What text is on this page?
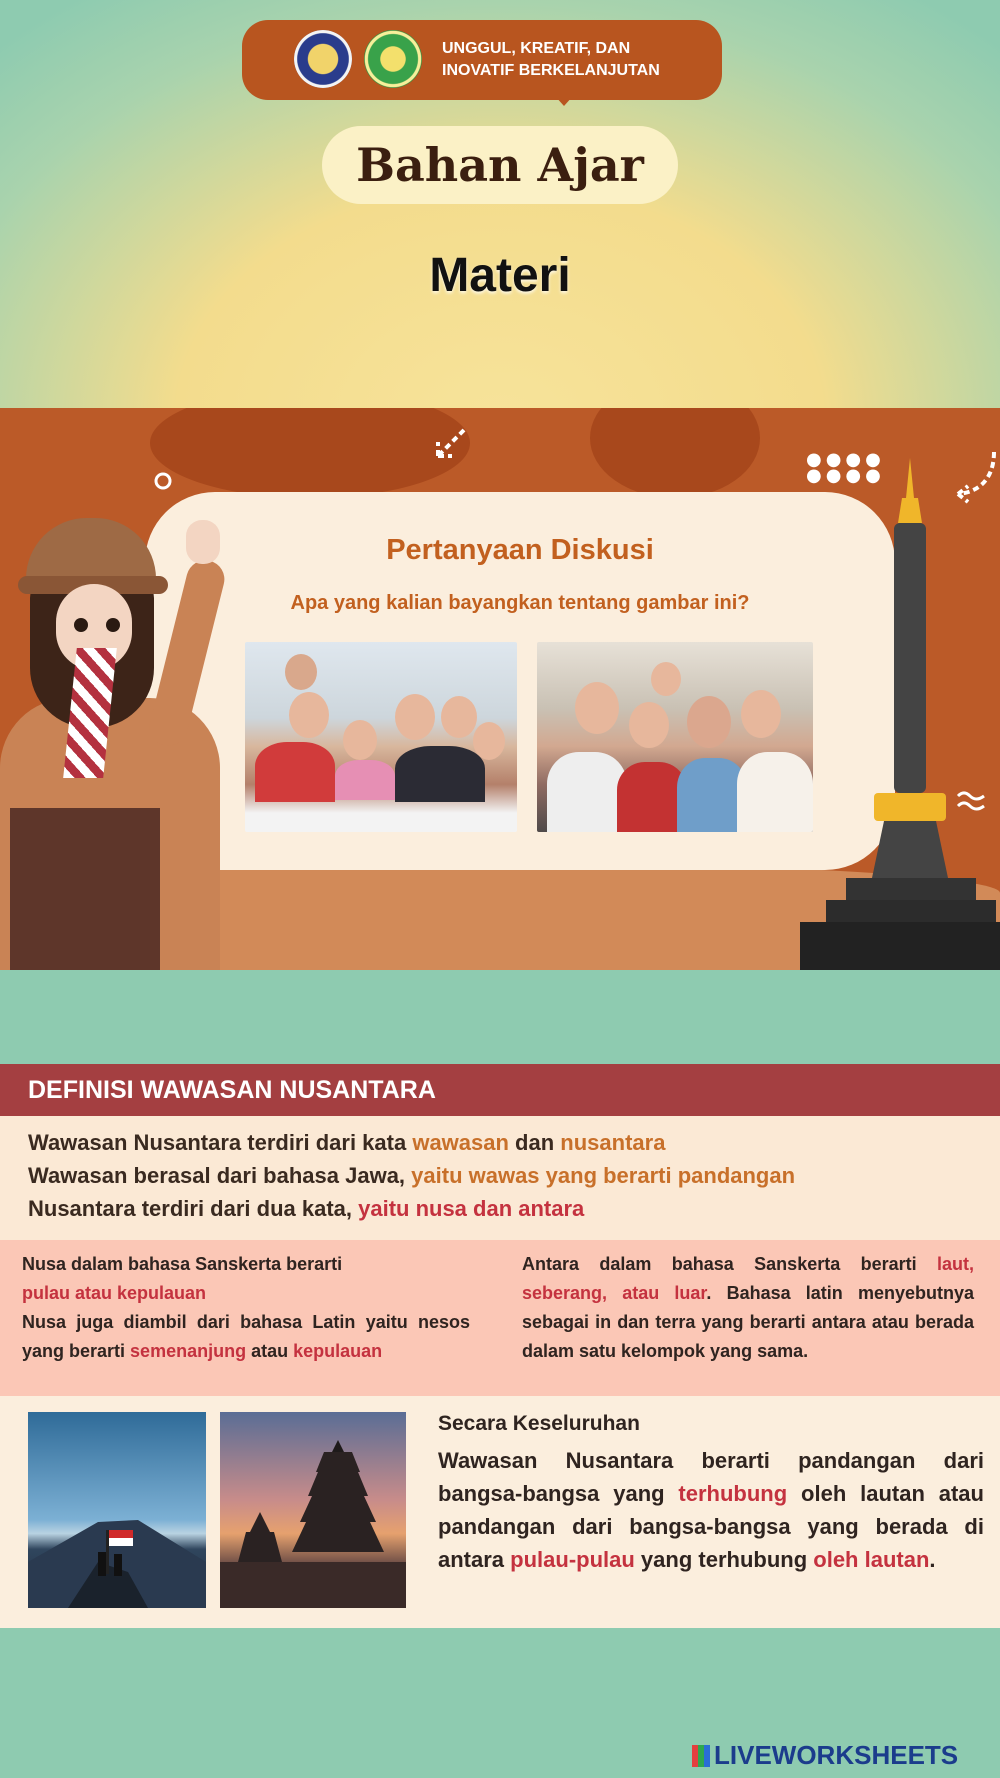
UNGGUL, KREATIF, DAN
INOVATIF BERKELANJUTAN
Bahan Ajar
Materi
●●●●
●●●●
Pertanyaan Diskusi
Apa yang kalian bayangkan tentang gambar ini?
DEFINISI WAWASAN NUSANTARA
Wawasan Nusantara terdiri dari kata wawasan dan nusantara
Wawasan berasal dari bahasa Jawa, yaitu wawas yang berarti pandangan
Nusantara terdiri dari dua kata, yaitu nusa dan antara
Nusa dalam bahasa Sanskerta berarti
pulau atau kepulauan
Nusa juga diambil dari bahasa Latin yaitu nesos yang berarti semenanjung atau kepulauan
Antara dalam bahasa Sanskerta berarti laut, seberang, atau luar. Bahasa latin menyebutnya sebagai in dan terra yang berarti antara atau berada dalam satu kelompok yang sama.
Secara Keseluruhan
Wawasan Nusantara berarti pandangan dari bangsa-bangsa yang terhubung oleh lautan atau pandangan dari bangsa-bangsa yang berada di antara pulau-pulau yang terhubung oleh lautan.
LIVEWORKSHEETS
